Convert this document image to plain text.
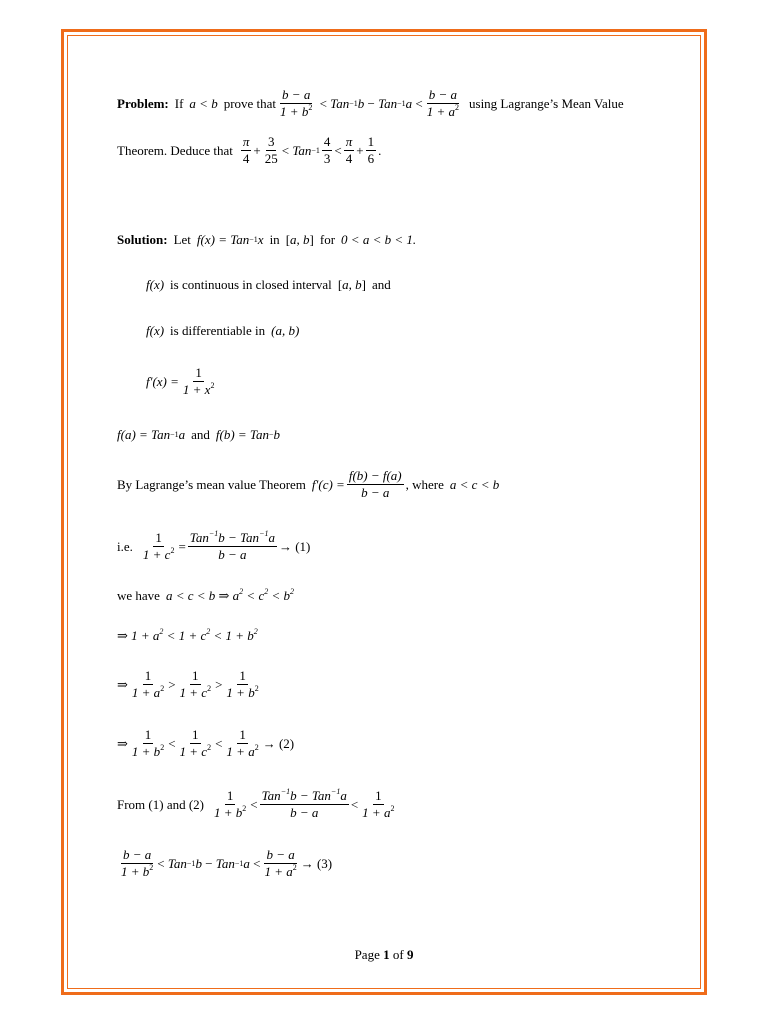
Problem: If a < b prove that $\frac{b - a}{1 + b^2}$ < Tan −1 b − Tan −1 $a < \frac{b - a}{1 + a^2}$ using Lagrange’s Mean Value
Theorem. Deduce that $\frac{\pi}{4} + \frac{3}{25}$ < Tan $-1 \frac{4}{3} < \frac{\pi}{4} + \frac{1}{6}$ .
Solution: Let f(x) = Tan −1 x in [a, b] for 0 < a < b < 1.
f(x) is continuous in closed interval [a, b] and
f(x) is differentiable in (a, b)
$f'(x) = \frac{1}{1 + x^2}$
f(a) = Tan −1 a and f(b) = Tan − b
By Lagrange’s mean value Theorem $f'(c) = \frac{f(b) - f(a)}{b - a}$ , where a < c < b
i.e. $\frac{1}{1 + c^2} = \frac{Tan^{-1}b - Tan^{-1}a}{b - a} \to (1)$
we have a < c < b ⇒ $a^2 < c^2 < b^2$
⇒ $1 + a^2 < 1 + c^2 < 1 + b^2$
⇒ $\frac{1}{1 + a^2} > \frac{1}{1 + c^2} > \frac{1}{1 + b^2}$
⇒ $\frac{1}{1 + b^2} < \frac{1}{1 + c^2} < \frac{1}{1 + a^2} \to (2)$
From (1) and $(2) \frac{1}{1 + b^2} < \frac{Tan^{-1}b - Tan^{-1}a}{b - a} < \frac{1}{1 + a^2}$
$\frac{b - a}{1 + b^2}$ < Tan −1 b − Tan −1 $a < \frac{b - a}{1 + a^2} \to (3)$
Page 1 of 9
